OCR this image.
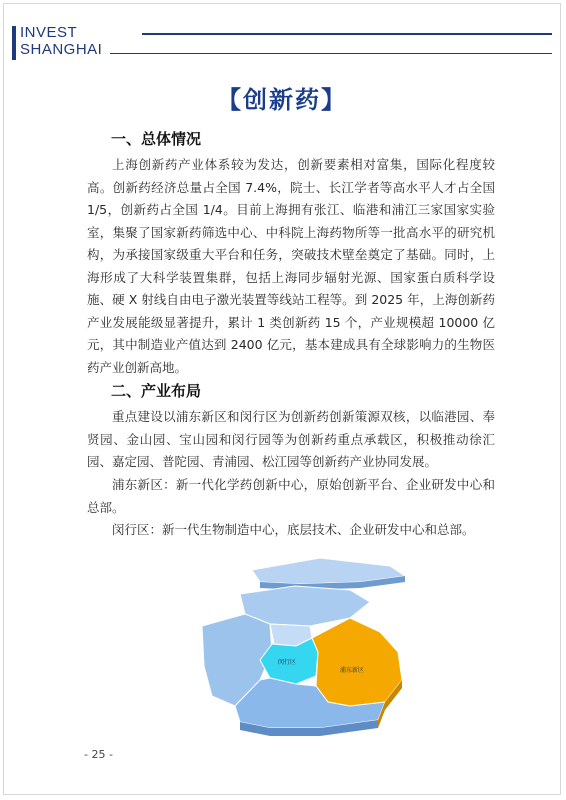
INVEST
SHANGHAI
【创新药】
一、总体情况
上海创新药产业体系较为发达，创新要素相对富集，国际化程度较高。创新药经济总量占全国 7.4%，院士、长江学者等高水平人才占全国 1/5，创新药占全国 1/4。目前上海拥有张江、临港和浦江三家国家实验室，集聚了国家新药筛选中心、中科院上海药物所等一批高水平的研究机构，为承接国家级重大平台和任务，突破技术壁垒奠定了基础。同时，上海形成了大科学装置集群，包括上海同步辐射光源、国家蛋白质科学设施、硬 X 射线自由电子激光装置等线站工程等。到 2025 年，上海创新药产业发展能级显著提升，累计 1 类创新药 15 个，产业规模超 10000 亿元，其中制造业产值达到 2400 亿元，基本建成具有全球影响力的生物医药产业创新高地。
二、产业布局
重点建设以浦东新区和闵行区为创新药创新策源双核，以临港园、奉贤园、金山园、宝山园和闵行园等为创新药重点承载区，积极推动徐汇园、嘉定园、普陀园、青浦园、松江园等创新药产业协同发展。
浦东新区：新一代化学药创新中心，原始创新平台、企业研发中心和总部。
闵行区：新一代生物制造中心，底层技术、企业研发中心和总部。
闵行区
浦东新区
- 25 -
